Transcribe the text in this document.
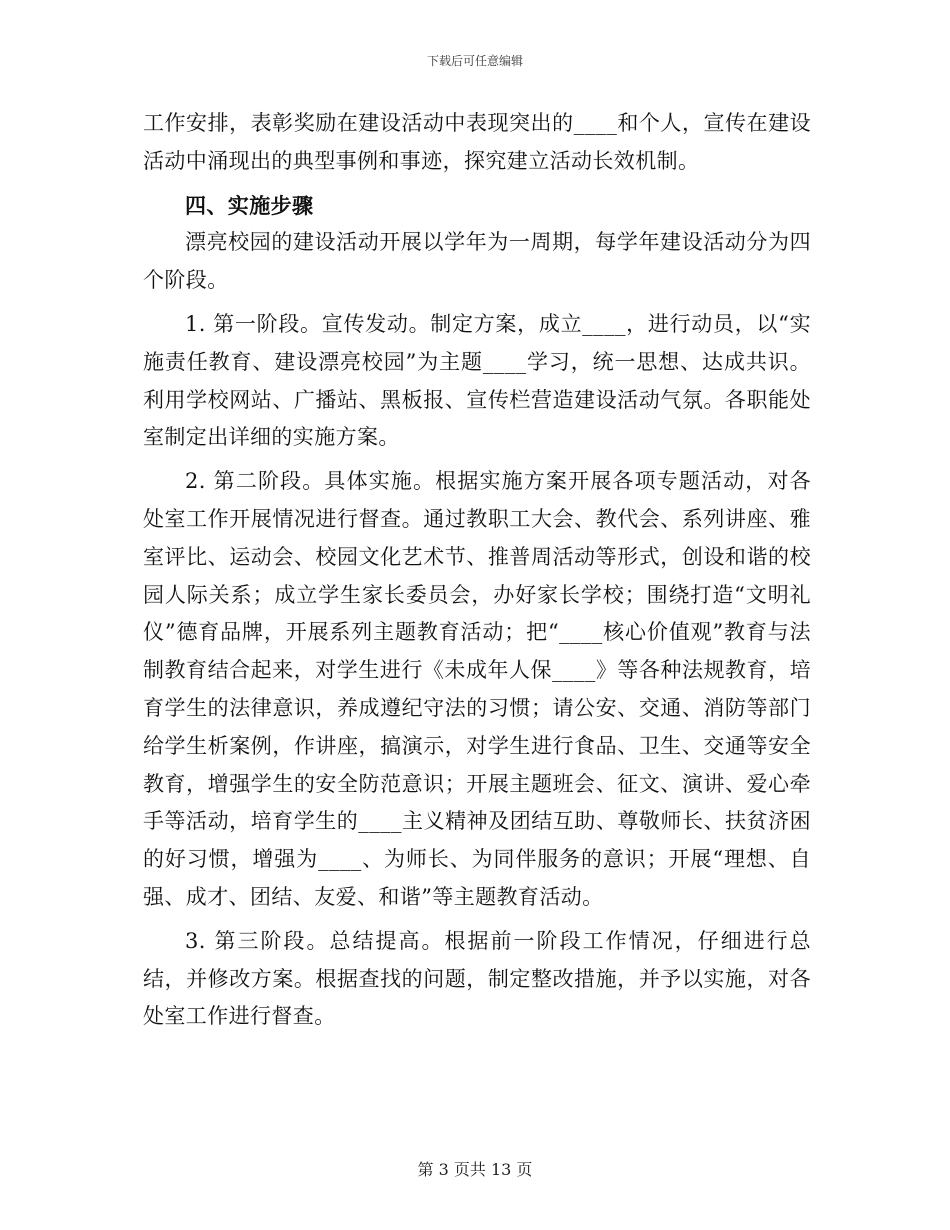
下载后可任意编辑

工作安排，表彰奖励在建设活动中表现突出的____和个人，宣传在建设活动中涌现出的典型事例和事迹，探究建立活动长效机制。

四、实施步骤

漂亮校园的建设活动开展以学年为一周期，每学年建设活动分为四个阶段。

1. 第一阶段。宣传发动。制定方案，成立____，进行动员，以“实施责任教育、建设漂亮校园”为主题____学习，统一思想、达成共识。利用学校网站、广播站、黑板报、宣传栏营造建设活动气氛。各职能处室制定出详细的实施方案。

2. 第二阶段。具体实施。根据实施方案开展各项专题活动，对各处室工作开展情况进行督查。通过教职工大会、教代会、系列讲座、雅室评比、运动会、校园文化艺术节、推普周活动等形式，创设和谐的校园人际关系；成立学生家长委员会，办好家长学校；围绕打造“文明礼仪”德育品牌，开展系列主题教育活动；把“____核心价值观”教育与法制教育结合起来，对学生进行《未成年人保____》等各种法规教育，培育学生的法律意识，养成遵纪守法的习惯；请公安、交通、消防等部门给学生析案例，作讲座，搞演示，对学生进行食品、卫生、交通等安全教育，增强学生的安全防范意识；开展主题班会、征文、演讲、爱心牵手等活动，培育学生的____主义精神及团结互助、尊敬师长、扶贫济困的好习惯，增强为____、为师长、为同伴服务的意识；开展“理想、自强、成才、团结、友爱、和谐”等主题教育活动。

3. 第三阶段。总结提高。根据前一阶段工作情况，仔细进行总结，并修改方案。根据查找的问题，制定整改措施，并予以实施，对各处室工作进行督查。

第 3 页共 13 页
